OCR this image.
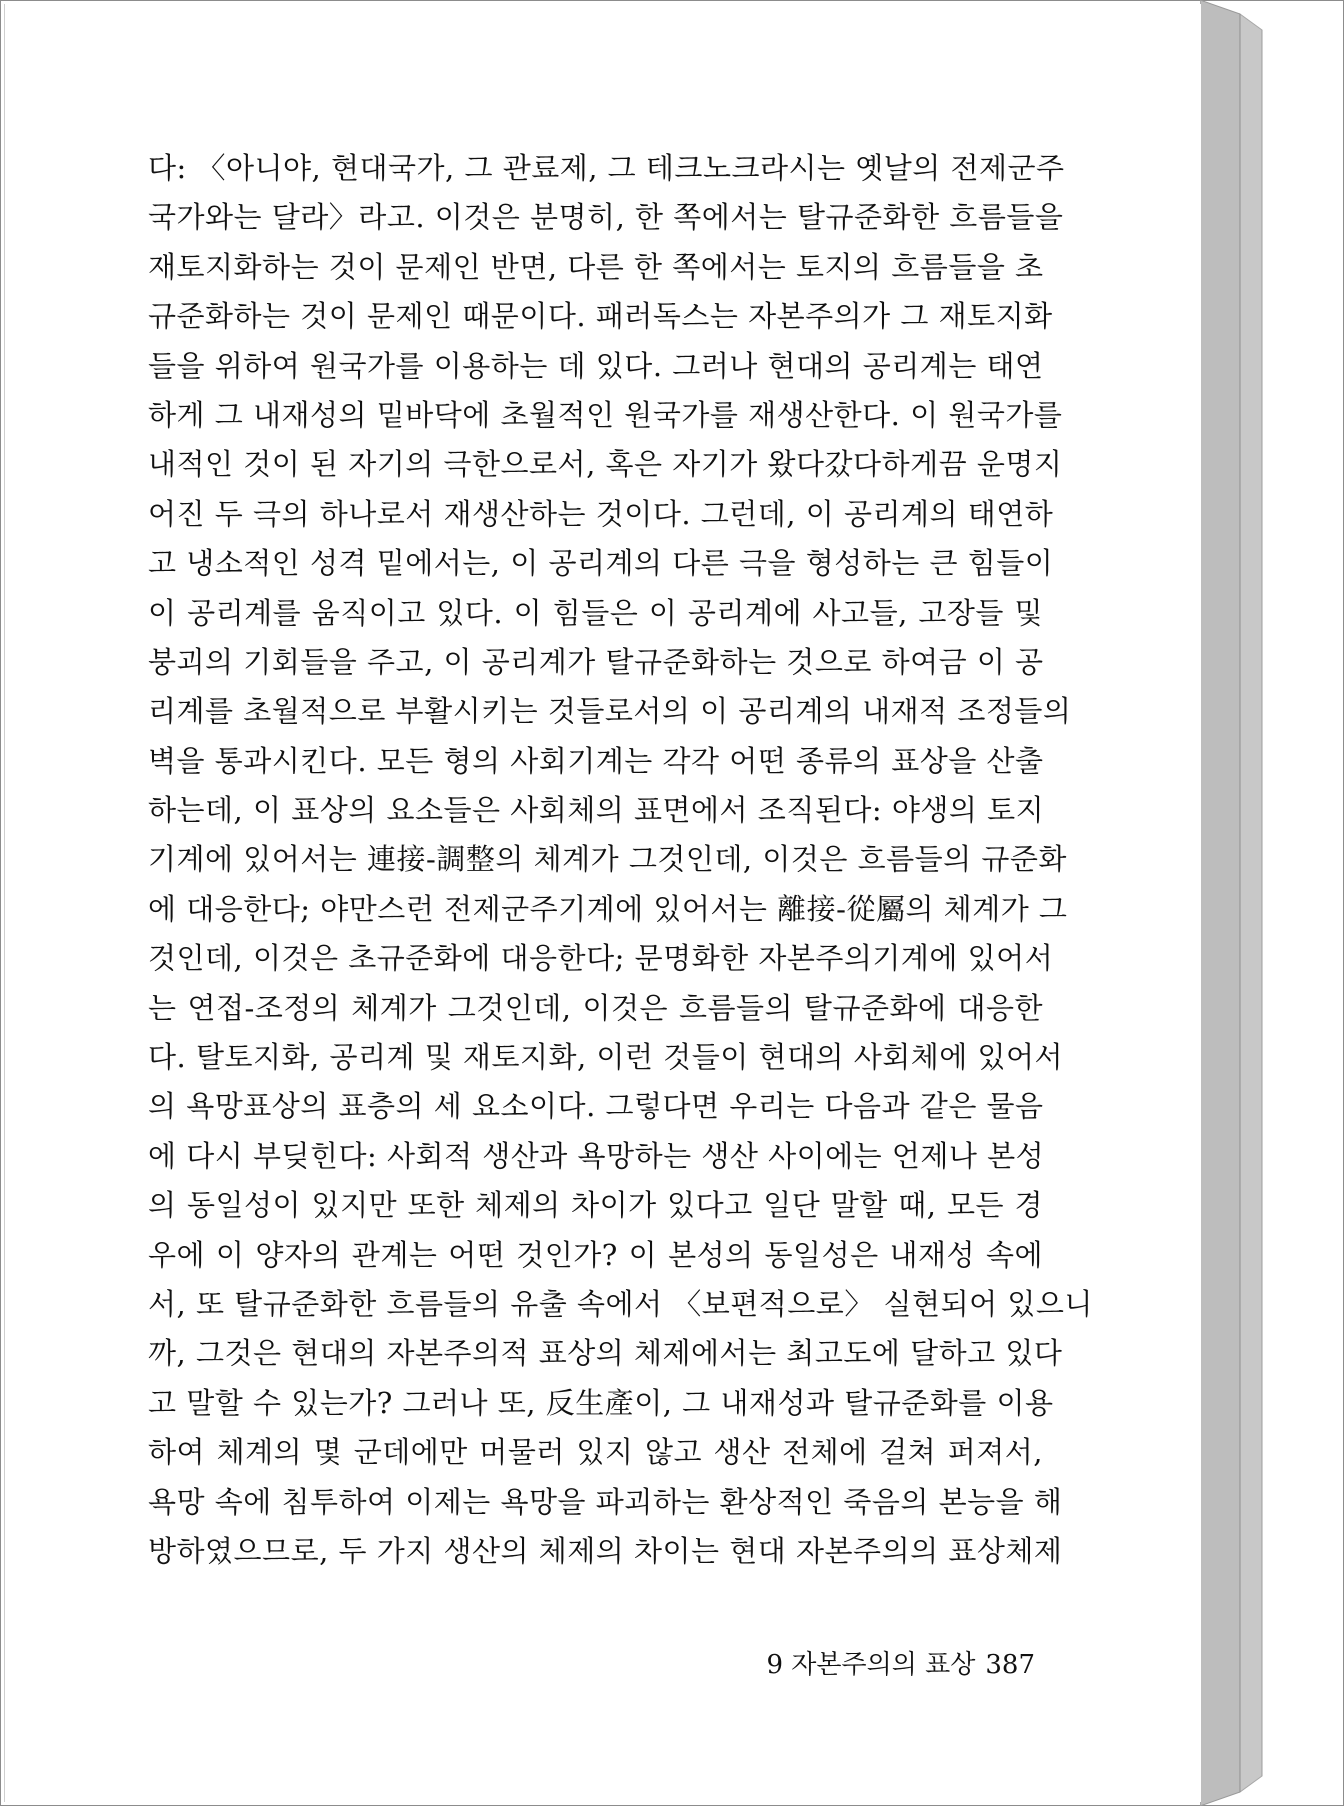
다: 〈아니야, 현대국가, 그 관료제, 그 테크노크라시는 옛날의 전제군주
국가와는 달라〉라고. 이것은 분명히, 한 쪽에서는 탈규준화한 흐름들을
재토지화하는 것이 문제인 반면, 다른 한 쪽에서는 토지의 흐름들을 초
규준화하는 것이 문제인 때문이다. 패러독스는 자본주의가 그 재토지화
들을 위하여 원국가를 이용하는 데 있다. 그러나 현대의 공리계는 태연
하게 그 내재성의 밑바닥에 초월적인 원국가를 재생산한다. 이 원국가를
내적인 것이 된 자기의 극한으로서, 혹은 자기가 왔다갔다하게끔 운명지
어진 두 극의 하나로서 재생산하는 것이다. 그런데, 이 공리계의 태연하
고 냉소적인 성격 밑에서는, 이 공리계의 다른 극을 형성하는 큰 힘들이
이 공리계를 움직이고 있다. 이 힘들은 이 공리계에 사고들, 고장들 및
붕괴의 기회들을 주고, 이 공리계가 탈규준화하는 것으로 하여금 이 공
리계를 초월적으로 부활시키는 것들로서의 이 공리계의 내재적 조정들의
벽을 통과시킨다. 모든 형의 사회기계는 각각 어떤 종류의 표상을 산출
하는데, 이 표상의 요소들은 사회체의 표면에서 조직된다: 야생의 토지
기계에 있어서는 連接-調整의 체계가 그것인데, 이것은 흐름들의 규준화
에 대응한다; 야만스런 전제군주기계에 있어서는 離接-從屬의 체계가 그
것인데, 이것은 초규준화에 대응한다; 문명화한 자본주의기계에 있어서
는 연접-조정의 체계가 그것인데, 이것은 흐름들의 탈규준화에 대응한
다. 탈토지화, 공리계 및 재토지화, 이런 것들이 현대의 사회체에 있어서
의 욕망표상의 표층의 세 요소이다. 그렇다면 우리는 다음과 같은 물음
에 다시 부딪힌다: 사회적 생산과 욕망하는 생산 사이에는 언제나 본성
의 동일성이 있지만 또한 체제의 차이가 있다고 일단 말할 때, 모든 경
우에 이 양자의 관계는 어떤 것인가? 이 본성의 동일성은 내재성 속에
서, 또 탈규준화한 흐름들의 유출 속에서 〈보편적으로〉 실현되어 있으니
까, 그것은 현대의 자본주의적 표상의 체제에서는 최고도에 달하고 있다
고 말할 수 있는가? 그러나 또, 反生產이, 그 내재성과 탈규준화를 이용
하여 체계의 몇 군데에만 머물러 있지 않고 생산 전체에 걸쳐 퍼져서,
욕망 속에 침투하여 이제는 욕망을 파괴하는 환상적인 죽음의 본능을 해
방하였으므로, 두 가지 생산의 체제의 차이는 현대 자본주의의 표상체제
9 자본주의의 표상 387
